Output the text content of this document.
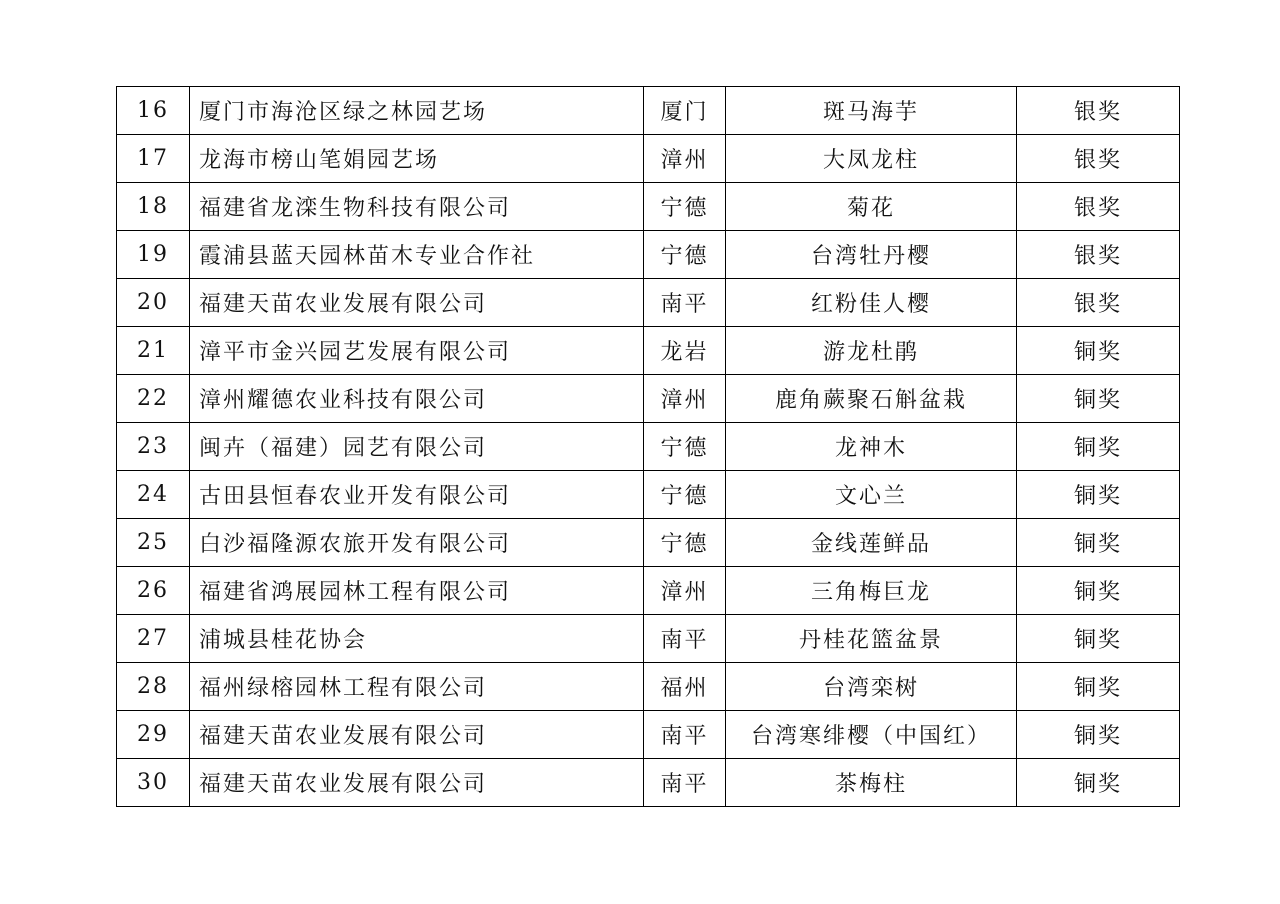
16	厦门市海沧区绿之林园艺场	厦门	斑马海芋	银奖
17	龙海市榜山笔娟园艺场	漳州	大凤龙柱	银奖
18	福建省龙滦生物科技有限公司	宁德	菊花	银奖
19	霞浦县蓝天园林苗木专业合作社	宁德	台湾牡丹樱	银奖
20	福建天苗农业发展有限公司	南平	红粉佳人樱	银奖
21	漳平市金兴园艺发展有限公司	龙岩	游龙杜鹃	铜奖
22	漳州耀德农业科技有限公司	漳州	鹿角蕨聚石斛盆栽	铜奖
23	闽卉（福建）园艺有限公司	宁德	龙神木	铜奖
24	古田县恒春农业开发有限公司	宁德	文心兰	铜奖
25	白沙福隆源农旅开发有限公司	宁德	金线莲鲜品	铜奖
26	福建省鸿展园林工程有限公司	漳州	三角梅巨龙	铜奖
27	浦城县桂花协会	南平	丹桂花篮盆景	铜奖
28	福州绿榕园林工程有限公司	福州	台湾栾树	铜奖
29	福建天苗农业发展有限公司	南平	台湾寒绯樱（中国红）	铜奖
30	福建天苗农业发展有限公司	南平	茶梅柱	铜奖
